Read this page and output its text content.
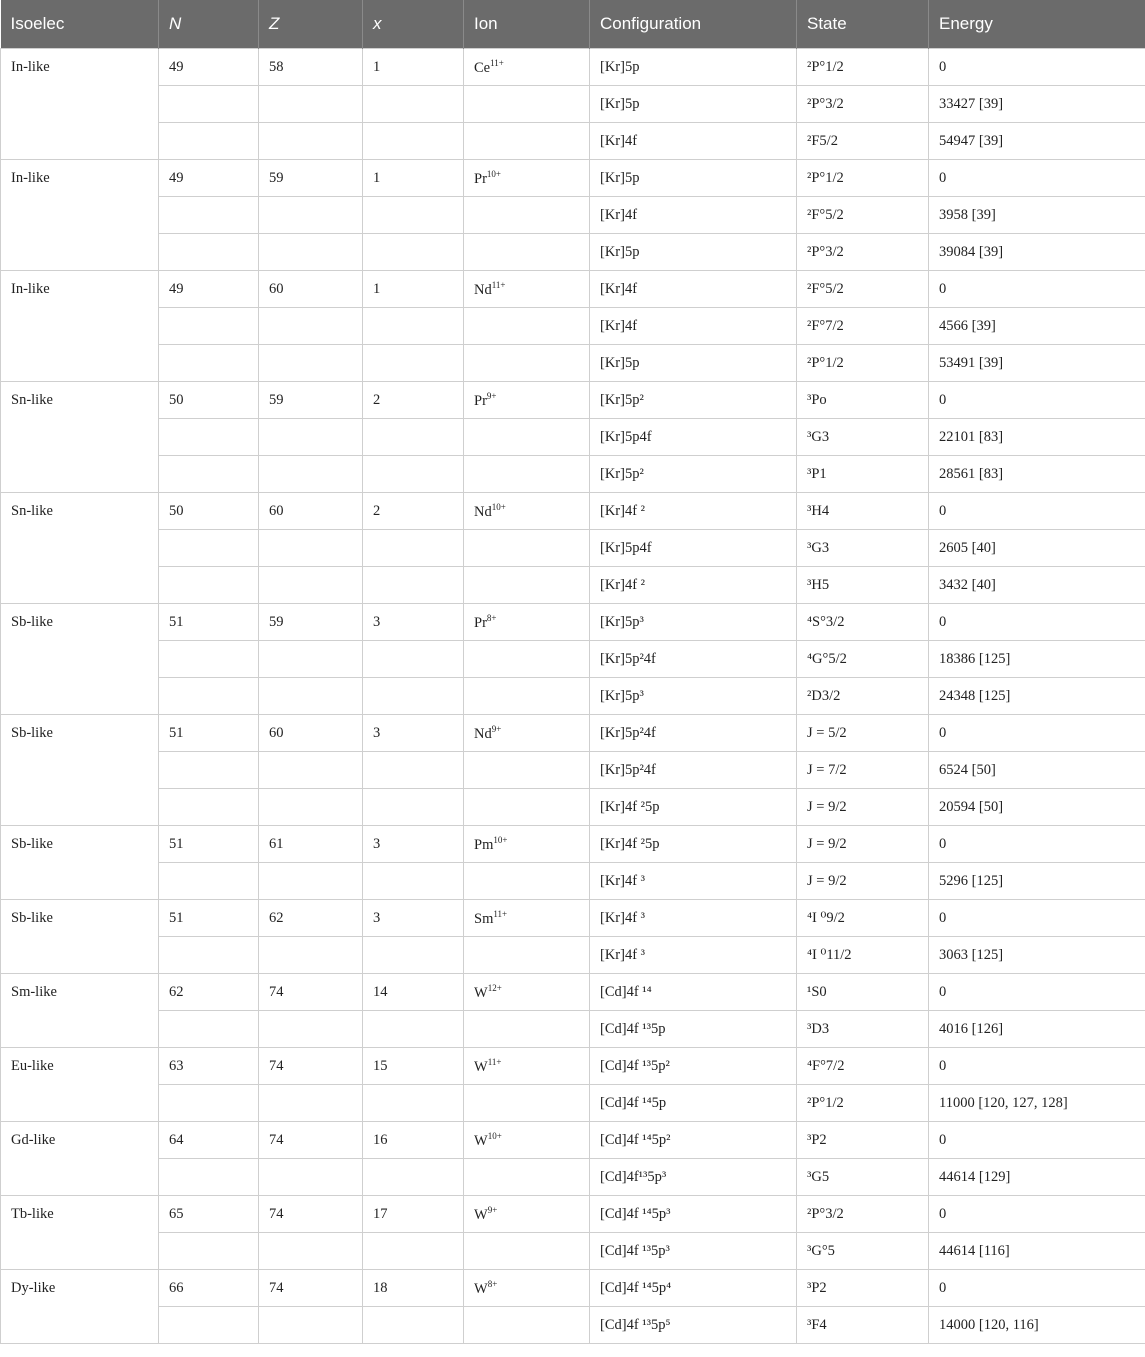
Isoelec	N	Z	x	Ion	Configuration	State	Energy
In-like	49	58	1	$Ce^{11+}$	[Kr]5p	²P°1/2	0
					[Kr]5p	²P°3/2	33427 [39]
					[Kr]4f	²F5/2	54947 [39]
In-like	49	59	1	$Pr^{10+}$	[Kr]5p	²P°1/2	0
					[Kr]4f	²F°5/2	3958 [39]
					[Kr]5p	²P°3/2	39084 [39]
In-like	49	60	1	$Nd^{11+}$	[Kr]4f	²F°5/2	0
					[Kr]4f	²F°7/2	4566 [39]
					[Kr]5p	²P°1/2	53491 [39]
Sn-like	50	59	2	$Pr^{9+}$	[Kr]5p²	³Po	0
					[Kr]5p4f	³G3	22101 [83]
					[Kr]5p²	³P1	28561 [83]
Sn-like	50	60	2	$Nd^{10+}$	[Kr]4f ²	³H4	0
					[Kr]5p4f	³G3	2605 [40]
					[Kr]4f ²	³H5	3432 [40]
Sb-like	51	59	3	$Pr^{8+}$	[Kr]5p³	⁴S°3/2	0
					[Kr]5p²4f	⁴G°5/2	18386 [125]
					[Kr]5p³	²D3/2	24348 [125]
Sb-like	51	60	3	$Nd^{9+}$	[Kr]5p²4f	J = 5/2	0
					[Kr]5p²4f	J = 7/2	6524 [50]
					[Kr]4f ²5p	J = 9/2	20594 [50]
Sb-like	51	61	3	$Pm^{10+}$	[Kr]4f ²5p	J = 9/2	0
					[Kr]4f ³	J = 9/2	5296 [125]
Sb-like	51	62	3	$Sm^{11+}$	[Kr]4f ³	⁴I ⁰9/2	0
					[Kr]4f ³	⁴I ⁰11/2	3063 [125]
Sm-like	62	74	14	$W^{12+}$	[Cd]4f ¹⁴	¹S0	0
					[Cd]4f ¹³5p	³D3	4016 [126]
Eu-like	63	74	15	$W^{11+}$	[Cd]4f ¹³5p²	⁴F°7/2	0
					[Cd]4f ¹⁴5p	²P°1/2	11000 [120, 127, 128]
Gd-like	64	74	16	$W^{10+}$	[Cd]4f ¹⁴5p²	³P2	0
					[Cd]4f¹³5p³	³G5	44614 [129]
Tb-like	65	74	17	$W^{9+}$	[Cd]4f ¹⁴5p³	²P°3/2	0
					[Cd]4f ¹³5p³	³G°5	44614 [116]
Dy-like	66	74	18	$W^{8+}$	[Cd]4f ¹⁴5p⁴	³P2	0
					[Cd]4f ¹³5p⁵	³F4	14000 [120, 116]
